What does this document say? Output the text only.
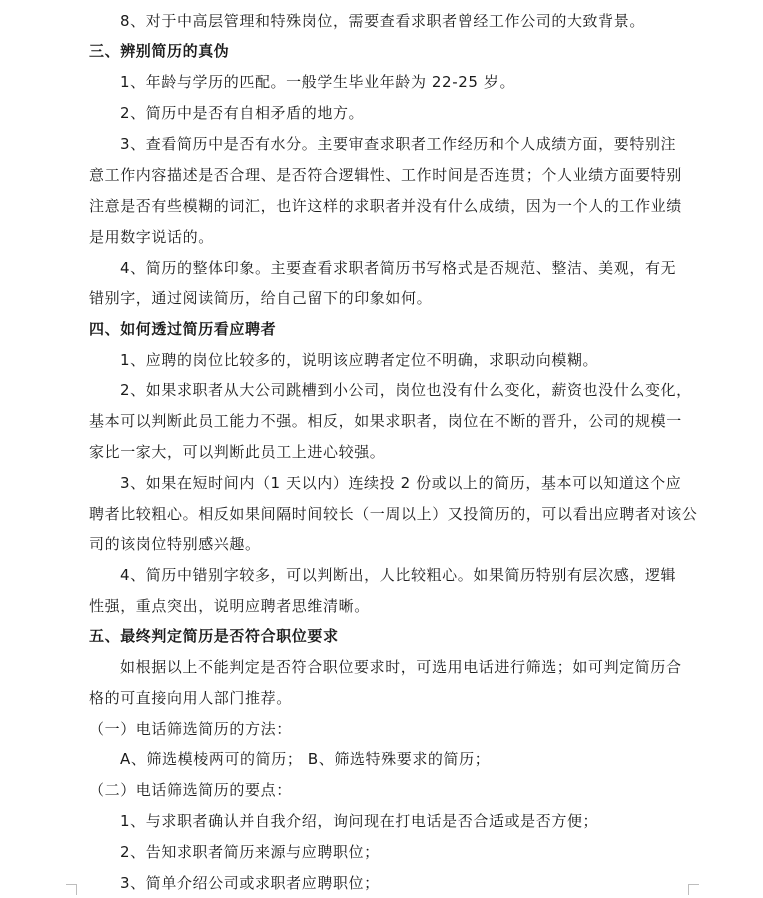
8、对于中高层管理和特殊岗位，需要查看求职者曾经工作公司的大致背景。
三、辨别简历的真伪
1、年龄与学历的匹配。一般学生毕业年龄为 22-25 岁。
2、简历中是否有自相矛盾的地方。
3、查看简历中是否有水分。主要审查求职者工作经历和个人成绩方面，要特别注
意工作内容描述是否合理、是否符合逻辑性、工作时间是否连贯；个人业绩方面要特别
注意是否有些模糊的词汇，也许这样的求职者并没有什么成绩，因为一个人的工作业绩
是用数字说话的。
4、简历的整体印象。主要查看求职者简历书写格式是否规范、整洁、美观，有无
错别字，通过阅读简历，给自己留下的印象如何。
四、如何透过简历看应聘者
1、应聘的岗位比较多的，说明该应聘者定位不明确，求职动向模糊。
2、如果求职者从大公司跳槽到小公司，岗位也没有什么变化，薪资也没什么变化，
基本可以判断此员工能力不强。相反，如果求职者，岗位在不断的晋升，公司的规模一
家比一家大，可以判断此员工上进心较强。
3、如果在短时间内（1 天以内）连续投 2 份或以上的简历，基本可以知道这个应
聘者比较粗心。相反如果间隔时间较长（一周以上）又投简历的，可以看出应聘者对该公
司的该岗位特别感兴趣。
4、简历中错别字较多，可以判断出，人比较粗心。如果简历特别有层次感，逻辑
性强，重点突出，说明应聘者思维清晰。
五、最终判定简历是否符合职位要求
如根据以上不能判定是否符合职位要求时，可选用电话进行筛选；如可判定简历合
格的可直接向用人部门推荐。
（一）电话筛选简历的方法：
A、筛选模棱两可的简历； B、筛选特殊要求的简历；
（二）电话筛选简历的要点：
1、与求职者确认并自我介绍，询问现在打电话是否合适或是否方便；
2、告知求职者简历来源与应聘职位；
3、简单介绍公司或求职者应聘职位；
